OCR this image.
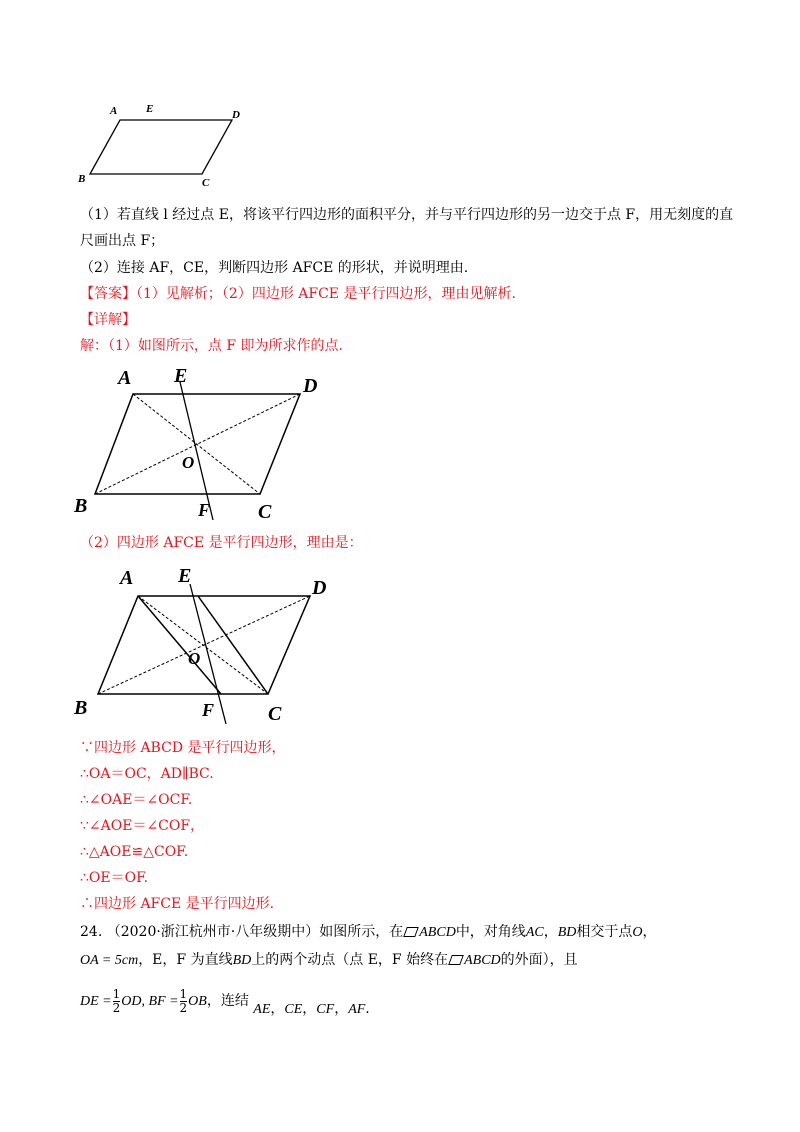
A	E	D
B	C
（1）若直线 l 经过点 E，将该平行四边形的面积平分，并与平行四边形的另一边交于点 F，用无刻度的直
尺画出点 F；
（2）连接 AF，CE，判断四边形 AFCE 的形状，并说明理由.
【答案】（1）见解析；（2）四边形 AFCE 是平行四边形，理由见解析.
【详解】
解：（1）如图所示，点 F 即为所求作的点.
A E	D
O
B	F C
（2）四边形 AFCE 是平行四边形，理由是：
A E
D
O
B	F	C
∵四边形 ABCD 是平行四边形，
∴OA＝OC，AD∥BC.
∴∠OAE＝∠OCF.
∵∠AOE＝∠COF，
∴△AOE≌△COF.
∴OE＝OF.
∴四边形 AFCE 是平行四边形.
24. （2020·浙江杭州市·八年级期中）如图所示，在 ABCD中，对角线AC，BD相交于点O，
OA = 5cm，E，F 为直线BD上的两个动点（点 E，F 始终在 ABCD的外面），且
DE = $\frac{1}{2}$ OD, BF = $\frac{1}{2}$ OB，连结 AE，CE，CF，AF.
